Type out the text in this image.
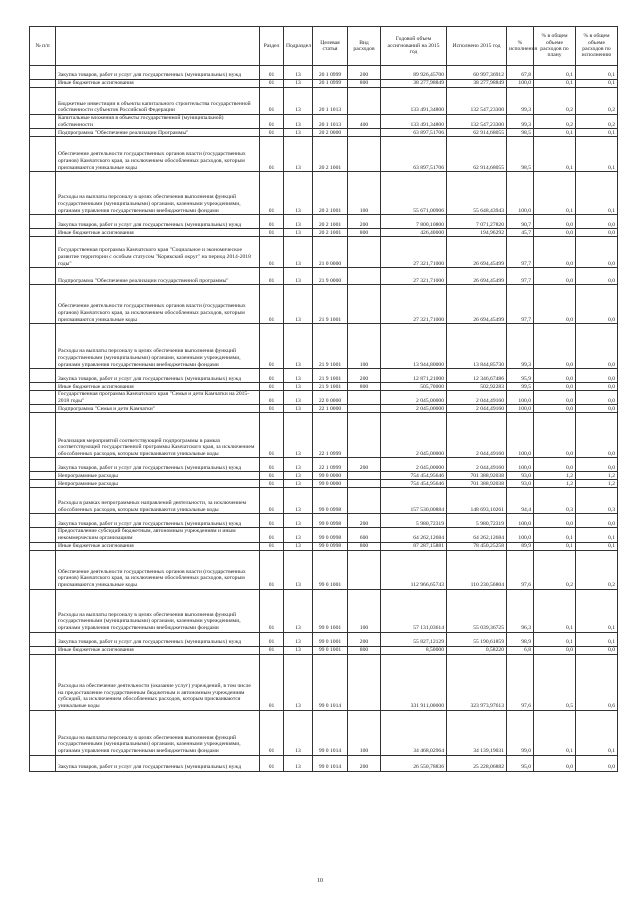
№ п/п		Раздел	Подраздел	Целевая статья	Вид расходов	Годовой объем ассигнований на 2015 год	Исполнено 2015 год	% исполнения	% в общем объеме расходов по плану	% в общем объеме расходов по исполнению
	Закупка товаров, работ и услуг для государственных (муниципальных) нужд	01	13	20 1 0999	200	89 926,45700	60 997,36912	67,8	0,1	0,1
	Иные бюджетные ассигнования	01	13	20 1 0999	800	38 277,98849	38 277,98849	100,0	0,1	0,1
	Бюджетные инвестиции в объекты капитального строительства государственной собственности субъектов Российской Федерации	01	13	20 1 1013		133 491,34800	132 547,23300	99,3	0,2	0,2
	Капитальные вложения в объекты государственной (муниципальной) собственности	01	13	20 1 1013	400	133 491,34800	132 547,23300	99,3	0,2	0,2
	Подпрограмма "Обеспечение реализации Программы"	01	13	20 2 0000		63 897,51706	62 914,68055	98,5	0,1	0,1
	Обеспечение деятельности государственных органов власти (государственных органов) Камчатского края, за исключением обособленных расходов, которым присваиваются уникальные коды	01	13	20 2 1001		63 897,51706	62 914,68055	98,5	0,1	0,1
	Расходы на выплаты персоналу в целях обеспечения выполнения функций государственными (муниципальными) органами, казенными учреждениями, органами управления государственными внебюджетными фондами	01	13	20 2 1001	100	55 671,00906	55 648,43943	100,0	0,1	0,1
	Закупка товаров, работ и услуг для государственных (муниципальных) нужд	01	13	20 2 1001	200	7 800,10800	7 071,27820	90,7	0,0	0,0
	Иные бюджетные ассигнования	01	13	20 2 1001	800	426,40000	194,96292	45,7	0,0	0,0
	Государственная программа Камчатского края "Социальное и экономическое развитие территории с особым статусом "Корякский округ" на период 2014-2018 годы"	01	13	21 0 0000		27 321,71000	26 694,45499	97,7	0,0	0,0
	Подпрограмма "Обеспечение реализации государственной программы"	01	13	21 9 0000		27 321,71000	26 694,45499	97,7	0,0	0,0
	Обеспечение деятельности государственных органов власти (государственных органов) Камчатского края, за исключением обособленных расходов, которым присваиваются уникальные коды	01	13	21 9 1001		27 321,71000	26 694,45499	97,7	0,0	0,0
	Расходы на выплаты персоналу в целях обеспечения выполнения функций государственными (муниципальными) органами, казенными учреждениями, органами управления государственными внебюджетными фондами	01	13	21 9 1001	100	13 944,80000	13 844,85730	99,3	0,0	0,0
	Закупка товаров, работ и услуг для государственных (муниципальных) нужд	01	13	21 9 1001	200	12 871,21000	12 346,67486	95,9	0,0	0,0
	Иные бюджетные ассигнования	01	13	21 9 1001	800	505,70000	502,92283	99,5	0,0	0,0
	Государственная программа Камчатского края "Семья и дети Камчатки на 2015-2018 годы"	01	13	22 0 0000		2 045,00000	2 044,49160	100,0	0,0	0,0
	Подпрограмма "Семья и дети Камчатки"	01	13	22 1 0000		2 045,00000	2 044,49160	100,0	0,0	0,0
	Реализация мероприятий соответствующей подпрограммы в рамках соответствующей государственной программы Камчатского края, за исключением обособленных расходов, которым присваиваются уникальные коды	01	13	22 1 0999		2 045,00000	2 044,49160	100,0	0,0	0,0
	Закупка товаров, работ и услуг для государственных (муниципальных) нужд	01	13	22 1 0999	200	2 045,00000	2 044,49160	100,0	0,0	0,0
	Непрограммные расходы	01	13	99 0 0000		754 454,95646	701 388,92038	93,0	1,2	1,2
	Непрограммные расходы	01	13	99 0 0000		754 454,95646	701 388,92038	93,0	1,2	1,2
	Расходы в рамках непрограммных направлений деятельности, за исключением обособленных расходов, которым присваиваются уникальные коды	01	13	99 0 0998		157 530,00884	148 693,10261	94,4	0,3	0,3
	Закупка товаров, работ и услуг для государственных (муниципальных) нужд	01	13	99 0 0998	200	5 980,72319	5 980,72319	100,0	0,0	0,0
	Предоставление субсидий бюджетным, автономным учреждениям и иным некоммерческим организациям	01	13	99 0 0998	600	64 262,12684	64 262,12684	100,0	0,1	0,1
	Иные бюджетные ассигнования	01	13	99 0 0998	800	87 287,15881	78 450,25258	89,9	0,1	0,1
	Обеспечение деятельности государственных органов власти (государственных органов) Камчатского края, за исключением обособленных расходов, которым присваиваются уникальные коды	01	13	99 0 1001		112 966,65743	110 230,56804	97,6	0,2	0,2
	Расходы на выплаты персоналу в целях обеспечения выполнения функций государственными (муниципальными) органами, казенными учреждениями, органами управления государственными внебюджетными фондами	01	13	99 0 1001	100	57 131,03614	55 039,36725	96,3	0,1	0,1
	Закупка товаров, работ и услуг для государственных (муниципальных) нужд	01	13	99 0 1001	200	55 827,12129	55 190,61859	98,9	0,1	0,1
	Иные бюджетные ассигнования	01	13	99 0 1001	800	8,50000	0,58220	6,8	0,0	0,0
	Расходы на обеспечение деятельности (оказание услуг) учреждений, в том числе на предоставление государственным бюджетным и автономным учреждениям субсидий, за исключением обособленных расходов, которым присваиваются уникальные коды	01	13	99 0 1014		331 911,00000	323 973,97613	97,6	0,5	0,6
	Расходы на выплаты персоналу в целях обеспечения выполнения функций государственными (муниципальными) органами, казенными учреждениями, органами управления государственными внебюджетными фондами	01	13	99 0 1014	100	34 468,02964	34 139,19031	99,0	0,1	0,1
	Закупка товаров, работ и услуг для государственных (муниципальных) нужд	01	13	99 0 1014	200	26 550,78836	25 228,06882	95,0	0,0	0,0
10
